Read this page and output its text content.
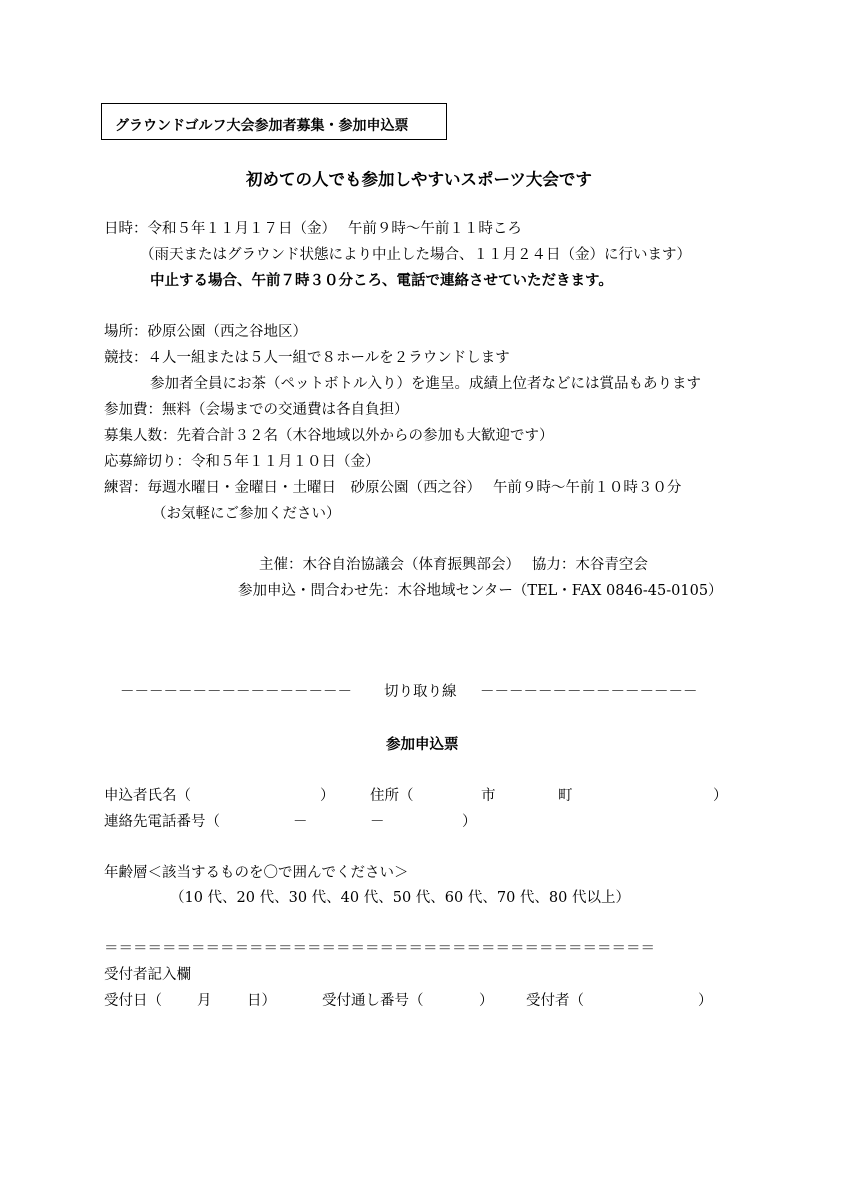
グラウンドゴルフ大会参加者募集・参加申込票
初めての人でも参加しやすいスポーツ大会です
日時：令和５年１１月１７日（金）　 午前９時～午前１１時ころ
（雨天またはグラウンド状態により中止した場合、１１月２４日（金）に行います）
中止する場合、午前７時３０分ころ、電話で連絡させていただきます。
場所：砂原公園（西之谷地区）
競技：４人一組または５人一組で８ホールを２ラウンドします
参加者全員にお茶（ペットボトル入り）を進呈。成績上位者などには賞品もあります
参加費：無料（会場までの交通費は各自負担）
募集人数：先着合計３２名（木谷地域以外からの参加も大歓迎です）
応募締切り：令和５年１１月１０日（金）
練習：毎週水曜日・金曜日・土曜日　砂原公園（西之谷）　 午前９時～午前１０時３０分
（お気軽にご参加ください）
主催：木谷自治協議会（体育振興部会）　 協力：木谷青空会
参加申込・問合わせ先：木谷地域センター（TEL・FAX 0846-45-0105）
－－－－－－－－－－－－－－－－ 切り取り線 －－－－－－－－－－－－－－－
参加申込票
申込者氏名（	） 住所（	市	町	）
連絡先電話番号（	－	－	）
年齢層＜該当するものを〇で囲んでください＞
（10 代、20 代、30 代、40 代、50 代、60 代、70 代、80 代以上）
＝＝＝＝＝＝＝＝＝＝＝＝＝＝＝＝＝＝＝＝＝＝＝＝＝＝＝＝＝＝＝＝＝＝＝＝＝＝
受付者記入欄
受付日（ 月 日）	受付通し番号（	） 受付者（	）
